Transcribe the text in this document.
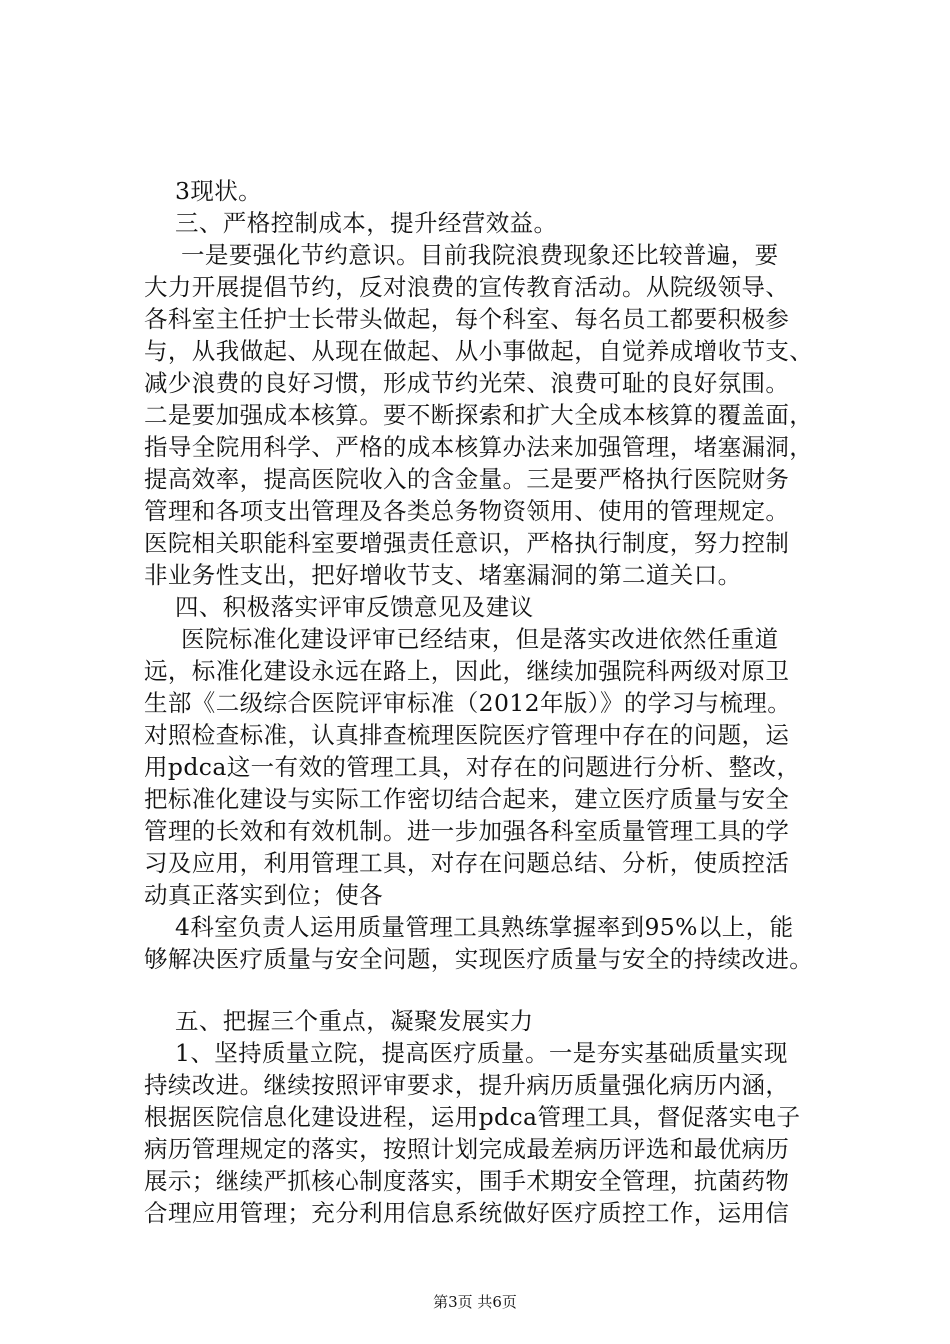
3现状。
三、严格控制成本，提升经营效益。
一是要强化节约意识。目前我院浪费现象还比较普遍，要
大力开展提倡节约，反对浪费的宣传教育活动。从院级领导、
各科室主任护士长带头做起，每个科室、每名员工都要积极参
与，从我做起、从现在做起、从小事做起，自觉养成增收节支、
减少浪费的良好习惯，形成节约光荣、浪费可耻的良好氛围。
二是要加强成本核算。要不断探索和扩大全成本核算的覆盖面，
指导全院用科学、严格的成本核算办法来加强管理，堵塞漏洞，
提高效率，提高医院收入的含金量。三是要严格执行医院财务
管理和各项支出管理及各类总务物资领用、使用的管理规定。
医院相关职能科室要增强责任意识，严格执行制度，努力控制
非业务性支出，把好增收节支、堵塞漏洞的第二道关口。
四、积极落实评审反馈意见及建议
医院标准化建设评审已经结束，但是落实改进依然任重道
远，标准化建设永远在路上，因此，继续加强院科两级对原卫
生部《二级综合医院评审标准（2012年版）》的学习与梳理。
对照检查标准，认真排查梳理医院医疗管理中存在的问题，运
用pdca这一有效的管理工具，对存在的问题进行分析、整改，
把标准化建设与实际工作密切结合起来，建立医疗质量与安全
管理的长效和有效机制。进一步加强各科室质量管理工具的学
习及应用，利用管理工具，对存在问题总结、分析，使质控活
动真正落实到位；使各
4科室负责人运用质量管理工具熟练掌握率到95%以上，能
够解决医疗质量与安全问题，实现医疗质量与安全的持续改进。
五、把握三个重点，凝聚发展实力
1、坚持质量立院，提高医疗质量。一是夯实基础质量实现
持续改进。继续按照评审要求，提升病历质量强化病历内涵，
根据医院信息化建设进程，运用pdca管理工具，督促落实电子
病历管理规定的落实，按照计划完成最差病历评选和最优病历
展示；继续严抓核心制度落实，围手术期安全管理，抗菌药物
合理应用管理；充分利用信息系统做好医疗质控工作，运用信
第3页 共6页
